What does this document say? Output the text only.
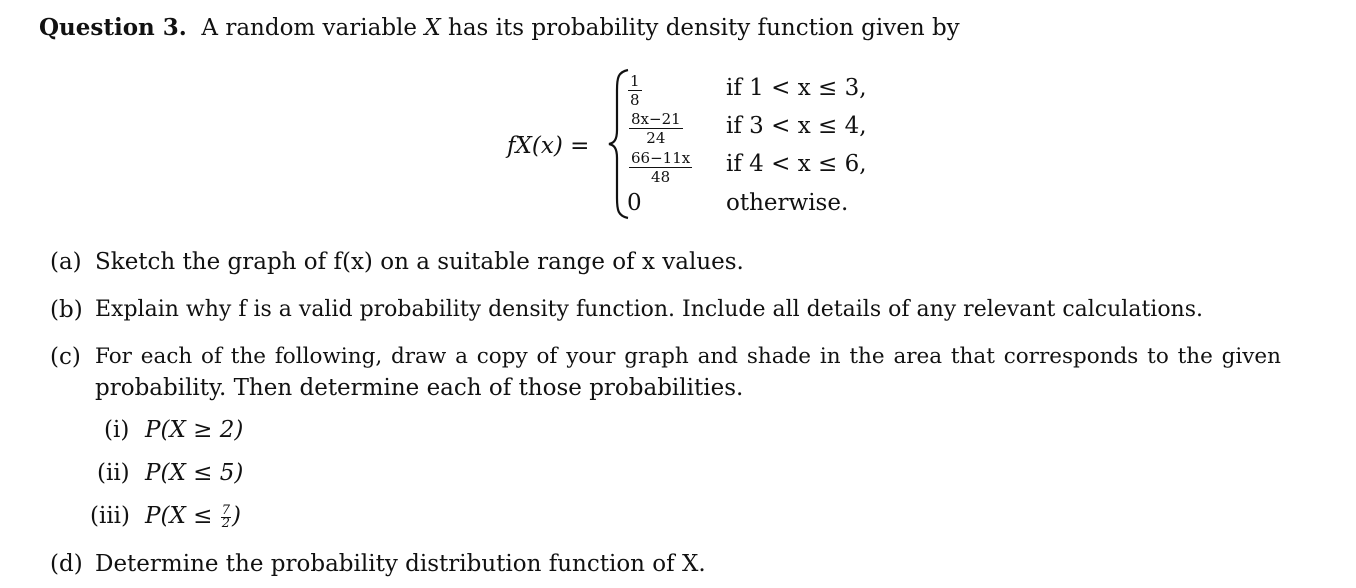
Question 3. A random variable X has its probability density function given by
fX(x) =
$\frac{1}{8}$
$\frac{8x-21}{24}$
$\frac{66-11x}{48}$
0
if 1 < x ≤ 3,
if 3 < x ≤ 4,
if 4 < x ≤ 6,
otherwise.
(a) Sketch the graph of f(x) on a suitable range of x values.
(b) Explain why f is a valid probability density function. Include all details of any relevant calculations.
(c) For each of the following, draw a copy of your graph and shade in the area that corresponds to the given
probability. Then determine each of those probabilities.
(i) P(X ≥ 2)
(ii) P(X ≤ 5)
(iii) $P(X \le \frac{7}{2}$ )
(d) Determine the probability distribution function of X.
